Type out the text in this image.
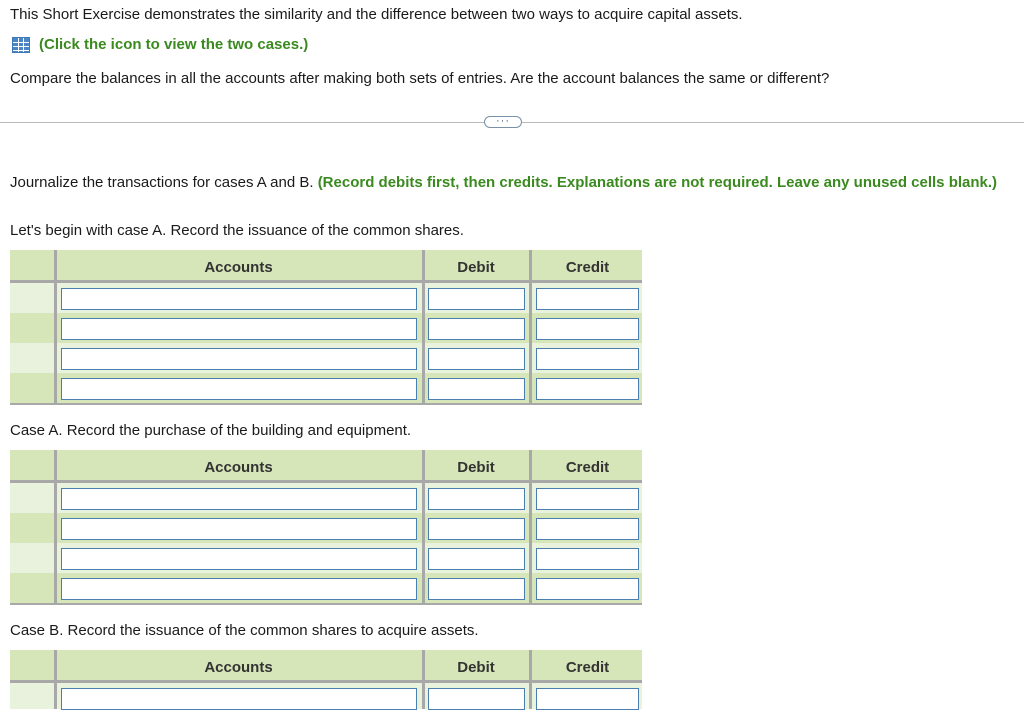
This Short Exercise demonstrates the similarity and the difference between two ways to acquire capital assets.

(Click the icon to view the two cases.)

Compare the balances in all the accounts after making both sets of entries. Are the account balances the same or different?

···

Journalize the transactions for cases A and B. (Record debits first, then credits. Explanations are not required. Leave any unused cells blank.)

Let's begin with case A. Record the issuance of the common shares.

Accounts	Debit	Credit

Case A. Record the purchase of the building and equipment.

Accounts	Debit	Credit

Case B. Record the issuance of the common shares to acquire assets.

Accounts	Debit	Credit
